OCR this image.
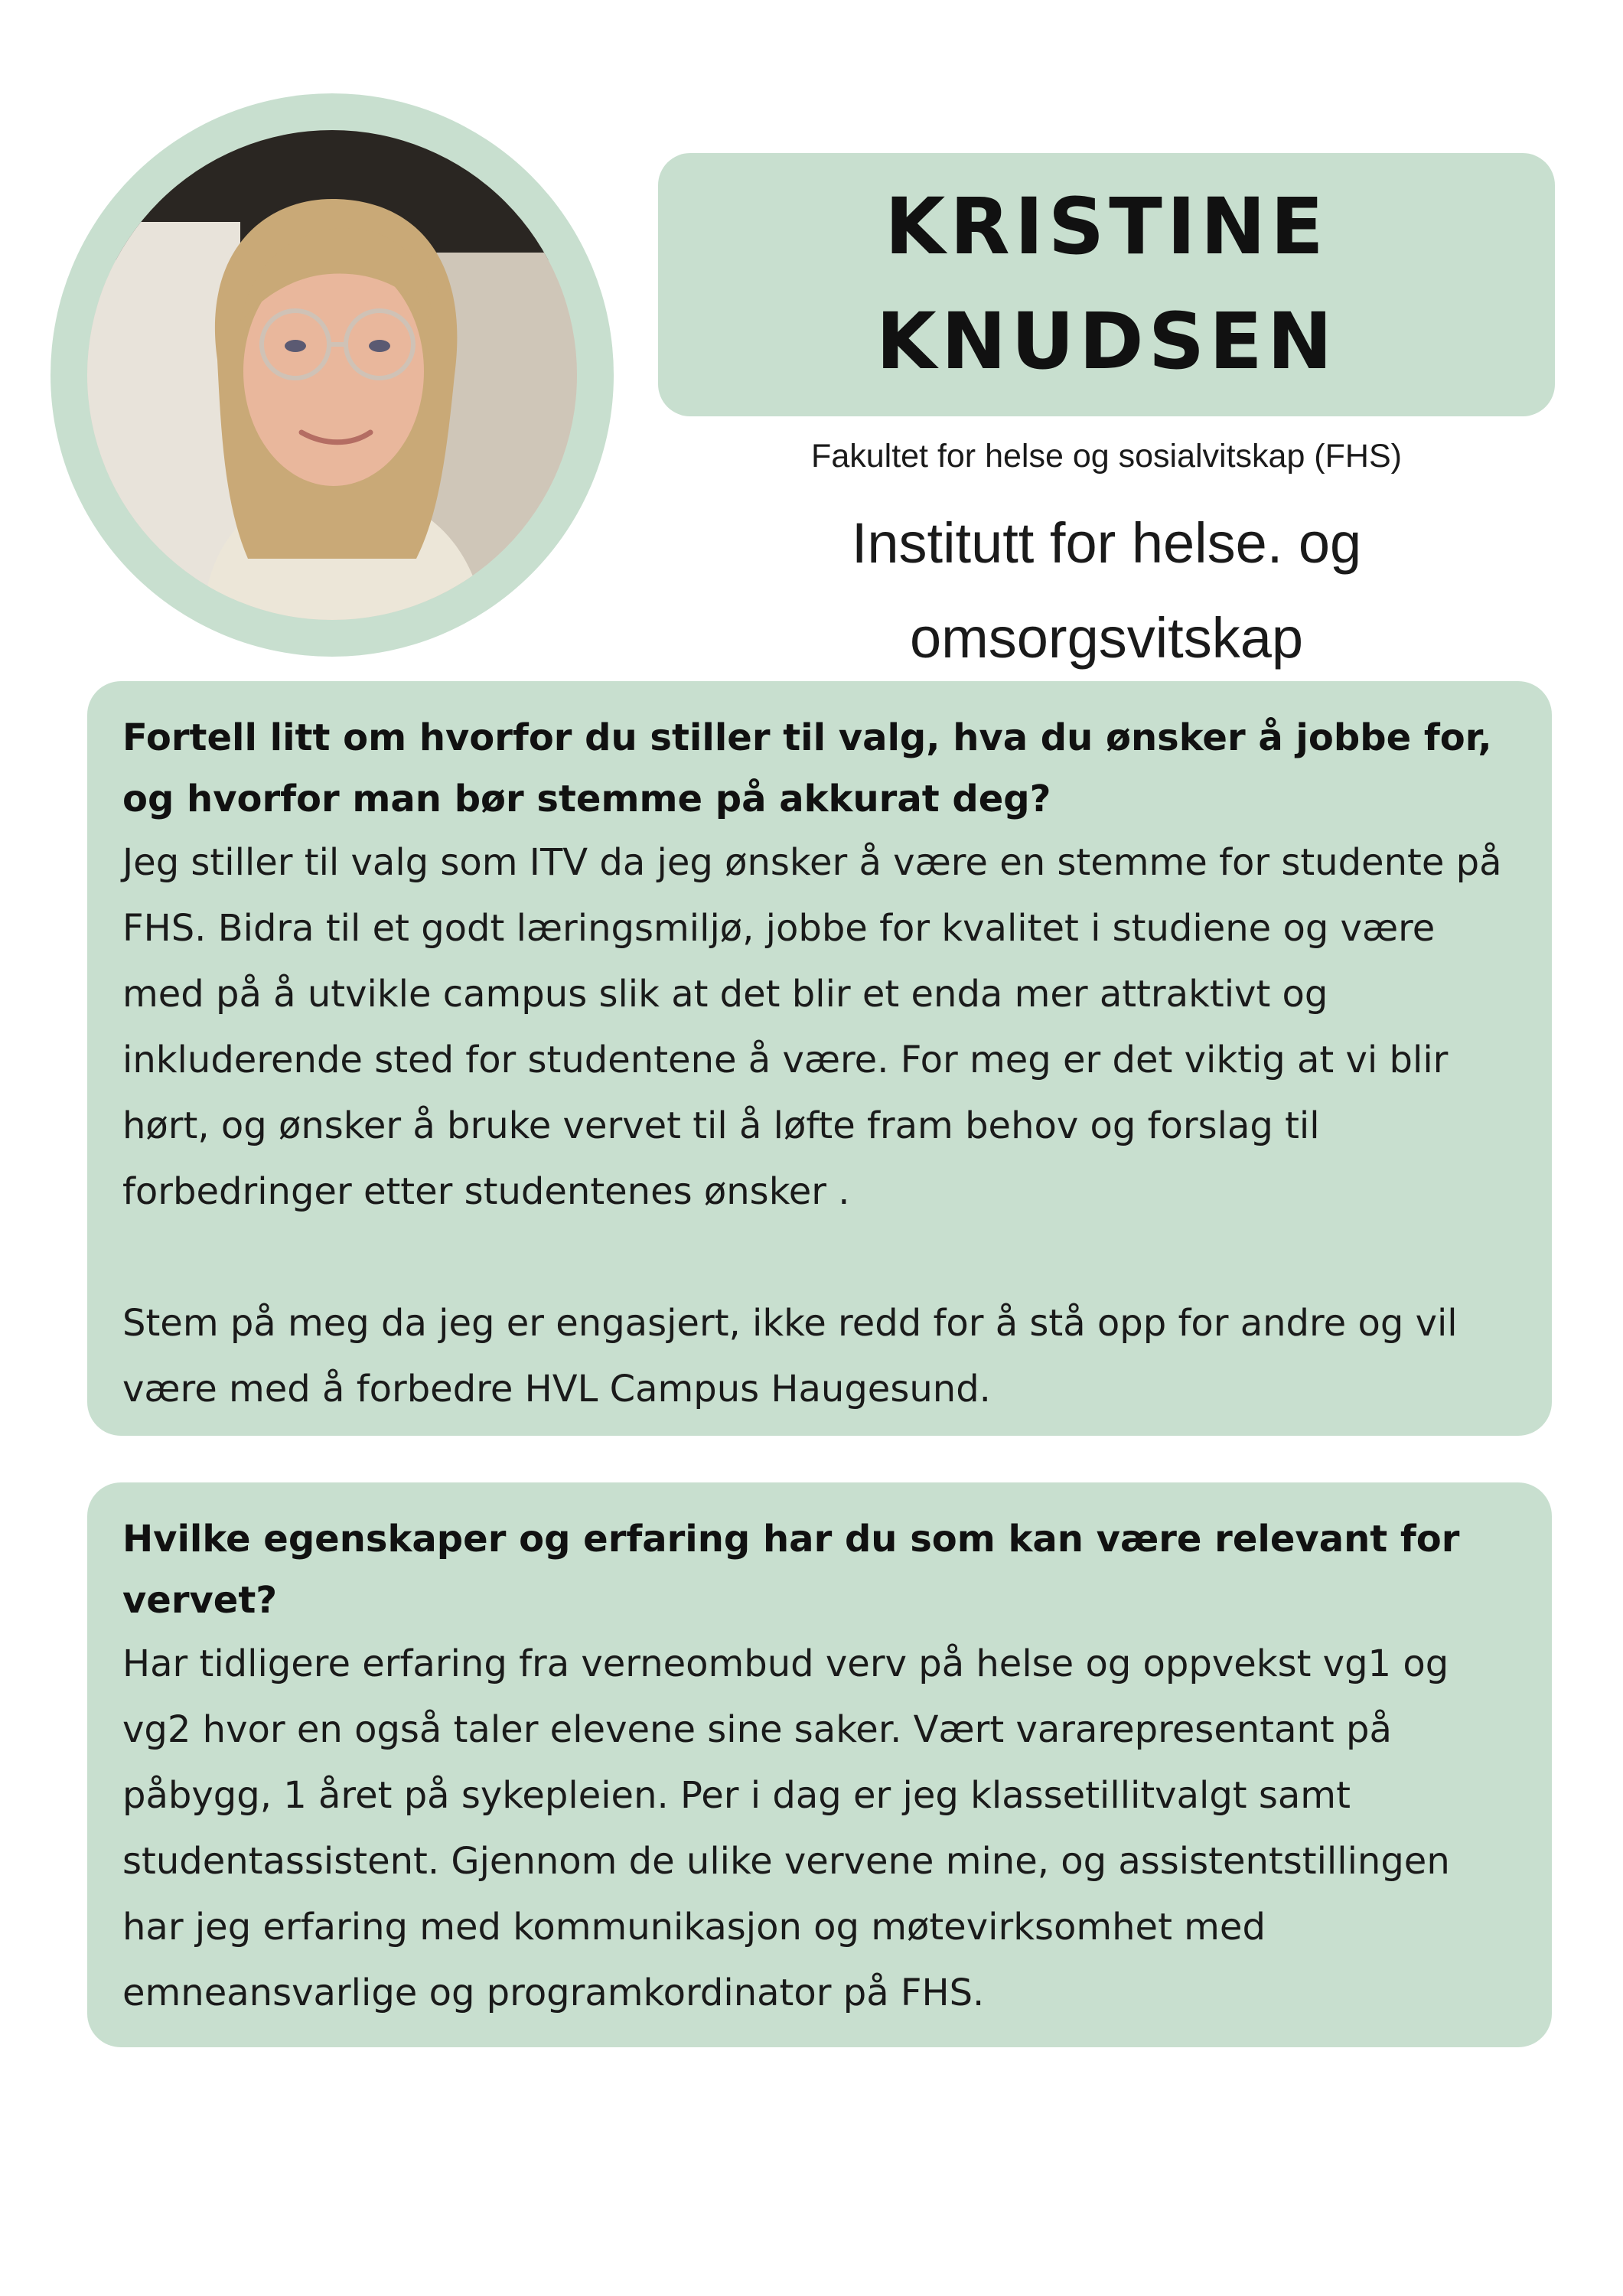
KRISTINE
KNUDSEN
Fakultet for helse og sosialvitskap (FHS)
Institutt for helse. og
omsorgsvitskap

Fortell litt om hvorfor du stiller til valg, hva du ønsker å jobbe for, og hvorfor man bør stemme på akkurat deg?

Jeg stiller til valg som ITV da jeg ønsker å være en stemme for studente på FHS. Bidra til et godt læringsmiljø, jobbe for kvalitet i studiene og være med på å utvikle campus slik at det blir et enda mer attraktivt og inkluderende sted for studentene å være. For meg er det viktig at vi blir hørt, og ønsker å bruke vervet til å løfte fram behov og forslag til forbedringer etter studentenes ønsker .

Stem på meg da jeg er engasjert, ikke redd for å stå opp for andre og vil være med å forbedre HVL Campus Haugesund.

Hvilke egenskaper og erfaring har du som kan være relevant for vervet?

Har tidligere erfaring fra verneombud verv på helse og oppvekst vg1 og vg2 hvor en også taler elevene sine saker. Vært vararepresentant på påbygg, 1 året på sykepleien. Per i dag er jeg klassetillitvalgt samt studentassistent. Gjennom de ulike vervene mine, og assistentstillingen har jeg erfaring med kommunikasjon og møtevirksomhet med emneansvarlige og programkordinator på FHS.
